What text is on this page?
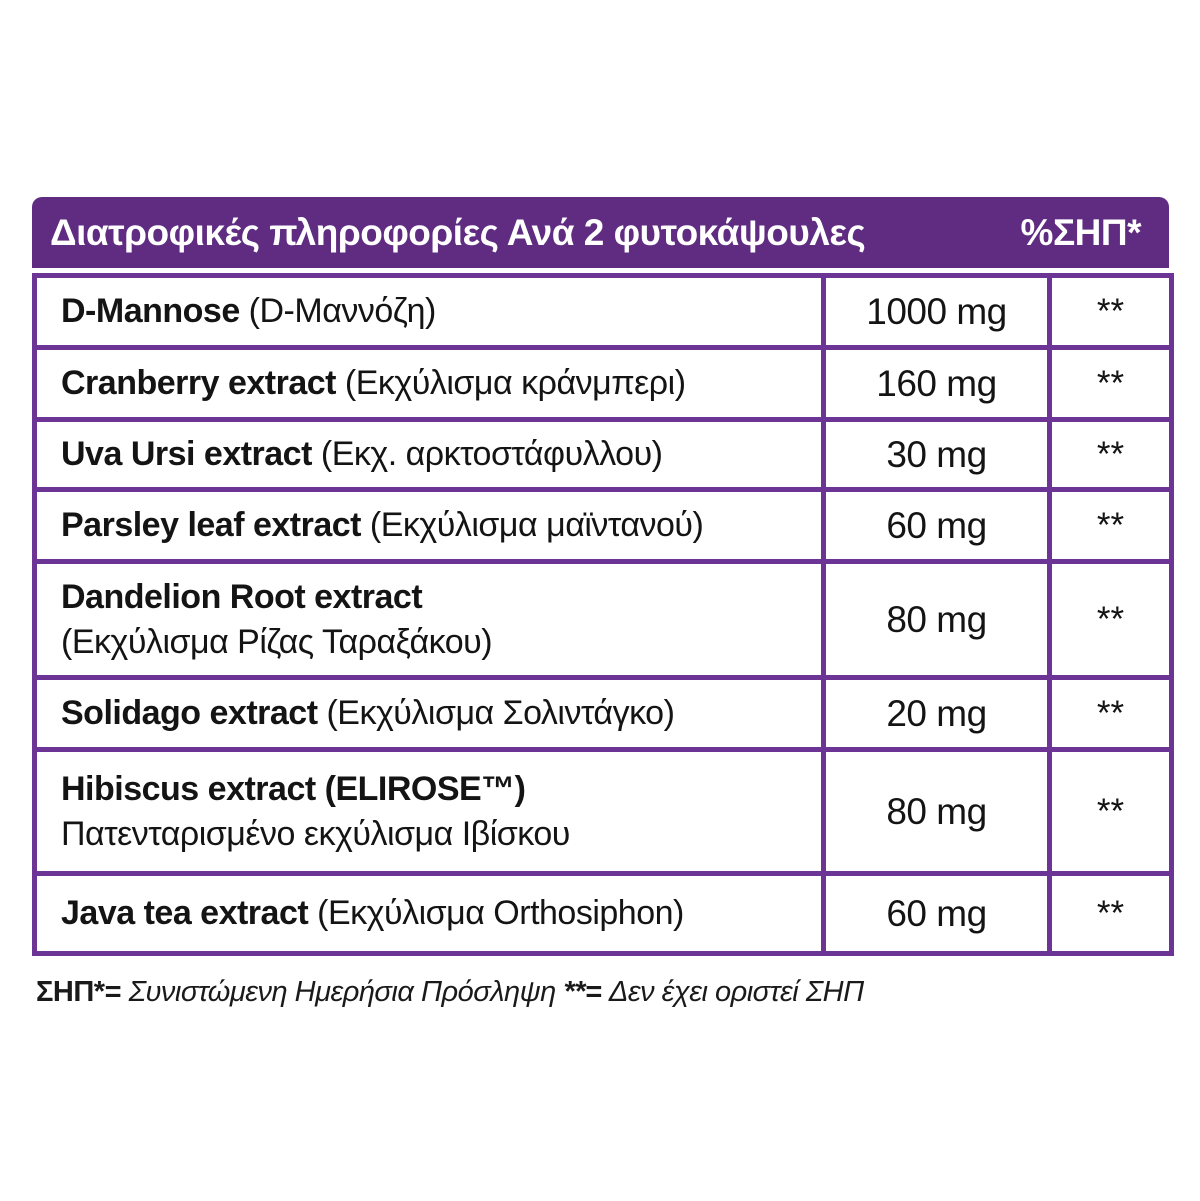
Διατροφικές πληροφορίες Ανά 2 φυτοκάψουλες	%ΣΗΠ*
D-Mannose (D-Μαννόζη)	1000 mg	**
Cranberry extract (Εκχύλισμα κράνμπερι)	160 mg	**
Uva Ursi extract (Εκχ. αρκτοστάφυλλου)	30 mg	**
Parsley leaf extract (Εκχύλισμα μαϊντανού)	60 mg	**

Dandelion Root extract
(Εκχύλισμα Ρίζας Ταραξάκου)	80 mg	**
Solidago extract (Εκχύλισμα Σολιντάγκο)	20 mg	**

Hibiscus extract (ELIROSE™)
Πατενταρισμένο εκχύλισμα Ιβίσκου	80 mg	**
Java tea extract (Εκχύλισμα Orthosiphon)	60 mg	**
ΣΗΠ*= Συνιστώμενη Ημερήσια Πρόσληψη **= Δεν έχει οριστεί ΣΗΠ
